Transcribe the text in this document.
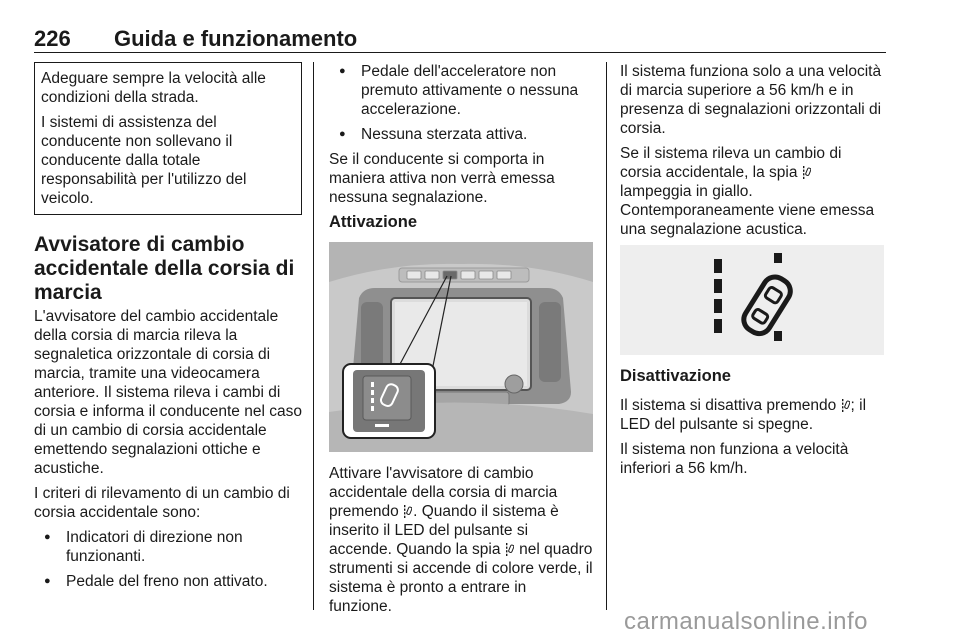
226 Guida e funzionamento

Adeguare sempre la velocità alle condizioni della strada.

I sistemi di assistenza del conducente non sollevano il conducente dalla totale responsabilità per l'utilizzo del veicolo.

Avvisatore di cambio accidentale della corsia di marcia

L'avvisatore del cambio accidentale della corsia di marcia rileva la segnaletica orizzontale di corsia di marcia, tramite una videocamera anteriore. Il sistema rileva i cambi di corsia e informa il conducente nel caso di un cambio di corsia accidentale emettendo segnalazioni ottiche e acustiche.

I criteri di rilevamento di un cambio di corsia accidentale sono:

● Indicatori di direzione non funzionanti.
● Pedale del freno non attivato.
● Pedale dell'acceleratore non premuto attivamente o nessuna accelerazione.
● Nessuna sterzata attiva.

Se il conducente si comporta in maniera attiva non verrà emessa nessuna segnalazione.

Attivazione

Attivare l'avvisatore di cambio accidentale della corsia di marcia premendo . Quando il sistema è inserito il LED del pulsante si accende. Quando la spia nel quadro strumenti si accende di colore verde, il sistema è pronto a entrare in funzione.

Il sistema funziona solo a una velocità di marcia superiore a 56 km/h e in presenza di segnalazioni orizzontali di corsia.

Se il sistema rileva un cambio di corsia accidentale, la spia
lampeggia in giallo. Contemporaneamente viene emessa una segnalazione acustica.

Disattivazione

Il sistema si disattiva premendo ; il LED del pulsante si spegne.

Il sistema non funziona a velocità inferiori a 56 km/h.

carmanualsonline.info
